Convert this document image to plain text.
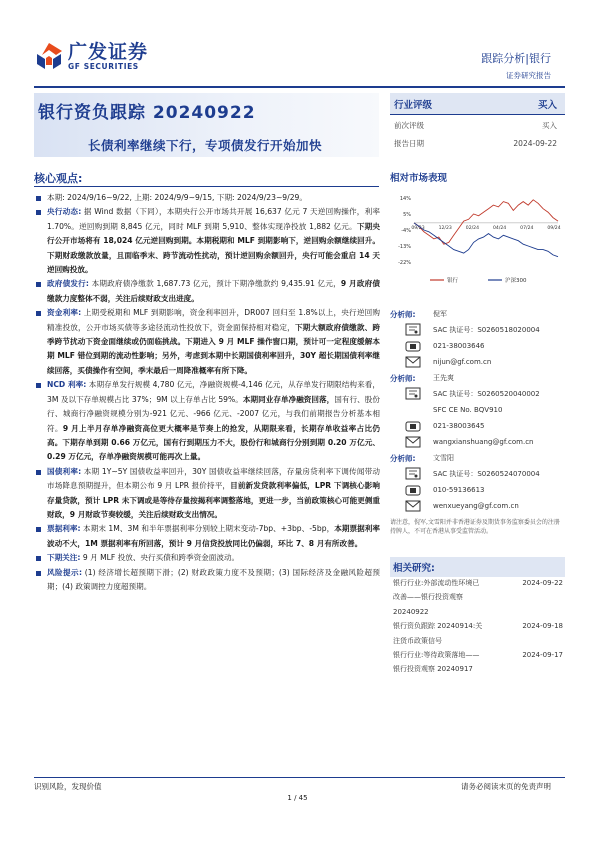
广发证券
GF SECURITIES
跟踪分析|银行
证券研究报告
银行资负跟踪 20240922
长债利率继续下行，专项债发行开始加快
行业评级	买入
前次评级	买入
报告日期	2024-09-22
核心观点:
本期: 2024/9/16~9/22, 上期: 2024/9/9~9/15, 下期: 2024/9/23~9/29。
央行动态: 据 Wind 数据（下同），本期央行公开市场共开展 16,637 亿元 7 天逆回购操作，利率 1.70%。逆回购到期 8,845 亿元，同时 MLF 到期 5,910、整体实现净投放 1,882 亿元。下期央行公开市场将有 18,024 亿元逆回购到期。本期税期和 MLF 到期影响下，逆回购余额继续回升。下期财政缴款放量，且面临季末、跨节流动性扰动，预计逆回购余额回升，央行可能会重启 14 天逆回购投放。
政府债发行: 本期政府债净缴款 1,687.73 亿元，预计下期净缴款约 9,435.91 亿元，9 月政府债缴款力度整体不弱，关注后续财政支出进度。
资金利率: 上期受税期和 MLF 到期影响，资金利率回升，DR007 回归至 1.8%以上，央行逆回购精准投放，公开市场买债等多途径流动性投放下，资金面保持相对稳定，下期大额政府债缴款、跨季跨节扰动下资金面继续或仍面临挑战。下期进入 9 月 MLF 操作窗口期，预计可一定程度缓解本期 MLF 错位到期的流动性影响；另外，考虑到本期中长期国债利率回升，30Y 超长期国债利率继续回落，买债操作有空间，季末最后一周降准概率有所下降。
NCD 利率: 本期存单发行规模 4,780 亿元，净融资规模-4,146 亿元，从存单发行期限结构来看，3M 及以下存单规模占比 37%；9M 以上存单占比 59%。本期同业存单净融资回落，国有行、股份行、城商行净融资规模分别为-921 亿元、-966 亿元、-2007 亿元，与我们前期报告分析基本相符。9 月上半月存单净融资高位更大概率是节奏上的抢发，从期限来看，长期存单收益率占比仍高。下期存单到期 0.66 万亿元，国有行到期压力不大，股份行和城商行分别到期 0.20 万亿元、0.29 万亿元，存单净融资规模可能再次上量。
国债利率: 本期 1Y~5Y 国债收益率回升，30Y 国债收益率继续回落，存量房贷利率下调传闻带动市场降息预期提升，但本期公布 9 月 LPR 报价持平，目前新发贷款利率偏低，LPR 下调核心影响存量贷款，预计 LPR 未下调或是等待存量按揭利率调整落地，更进一步，当前政策核心可能更侧重财政，9 月财政节奏较缓，关注后续财政支出情况。
票据利率: 本期末 1M、3M 和半年票据利率分别较上期末变动-7bp、+3bp、-5bp，本期票据利率波动不大，1M 票据利率有所回落，预计 9 月信贷投放同比仍偏弱，环比 7、8 月有所改善。
下期关注: 9 月 MLF 投放、央行买债和跨季资金面波动。
风险提示: (1) 经济增长超预期下滑；(2) 财政政策力度不及预期；(3) 国际经济及金融风险超预期；(4) 政策调控力度超预期。
相对市场表现
14%
5%
-4%
-13%
-22%
09/23	12/23	02/24	04/24	07/24	09/24
银行	沪深300
分析师:	倪军
SAC 执证号：S0260518020004
021-38003646
nijun@gf.com.cn
分析师:	王先爽
SAC 执证号：S0260520040002
SFC CE No. BQV910
021-38003645
wangxianshuang@gf.com.cn
分析师:	文雪阳
SAC 执证号：S0260524070004
010-59136613
wenxueyang@gf.com.cn
请注意，倪军,文雪阳并非香港证券及期货事务监察委员会的注册持牌人，不可在香港从事受监管活动。
相关研究:
银行行业:外部流动性环境已
改善——银行投资观察
20240922
2024-09-22
银行资负跟踪 20240914:关
注货币政策信号
2024-09-18
银行行业:等待政策落地——
银行投资观察 20240917
2024-09-17
识别风险，发现价值	请务必阅读末页的免责声明
1 / 45
